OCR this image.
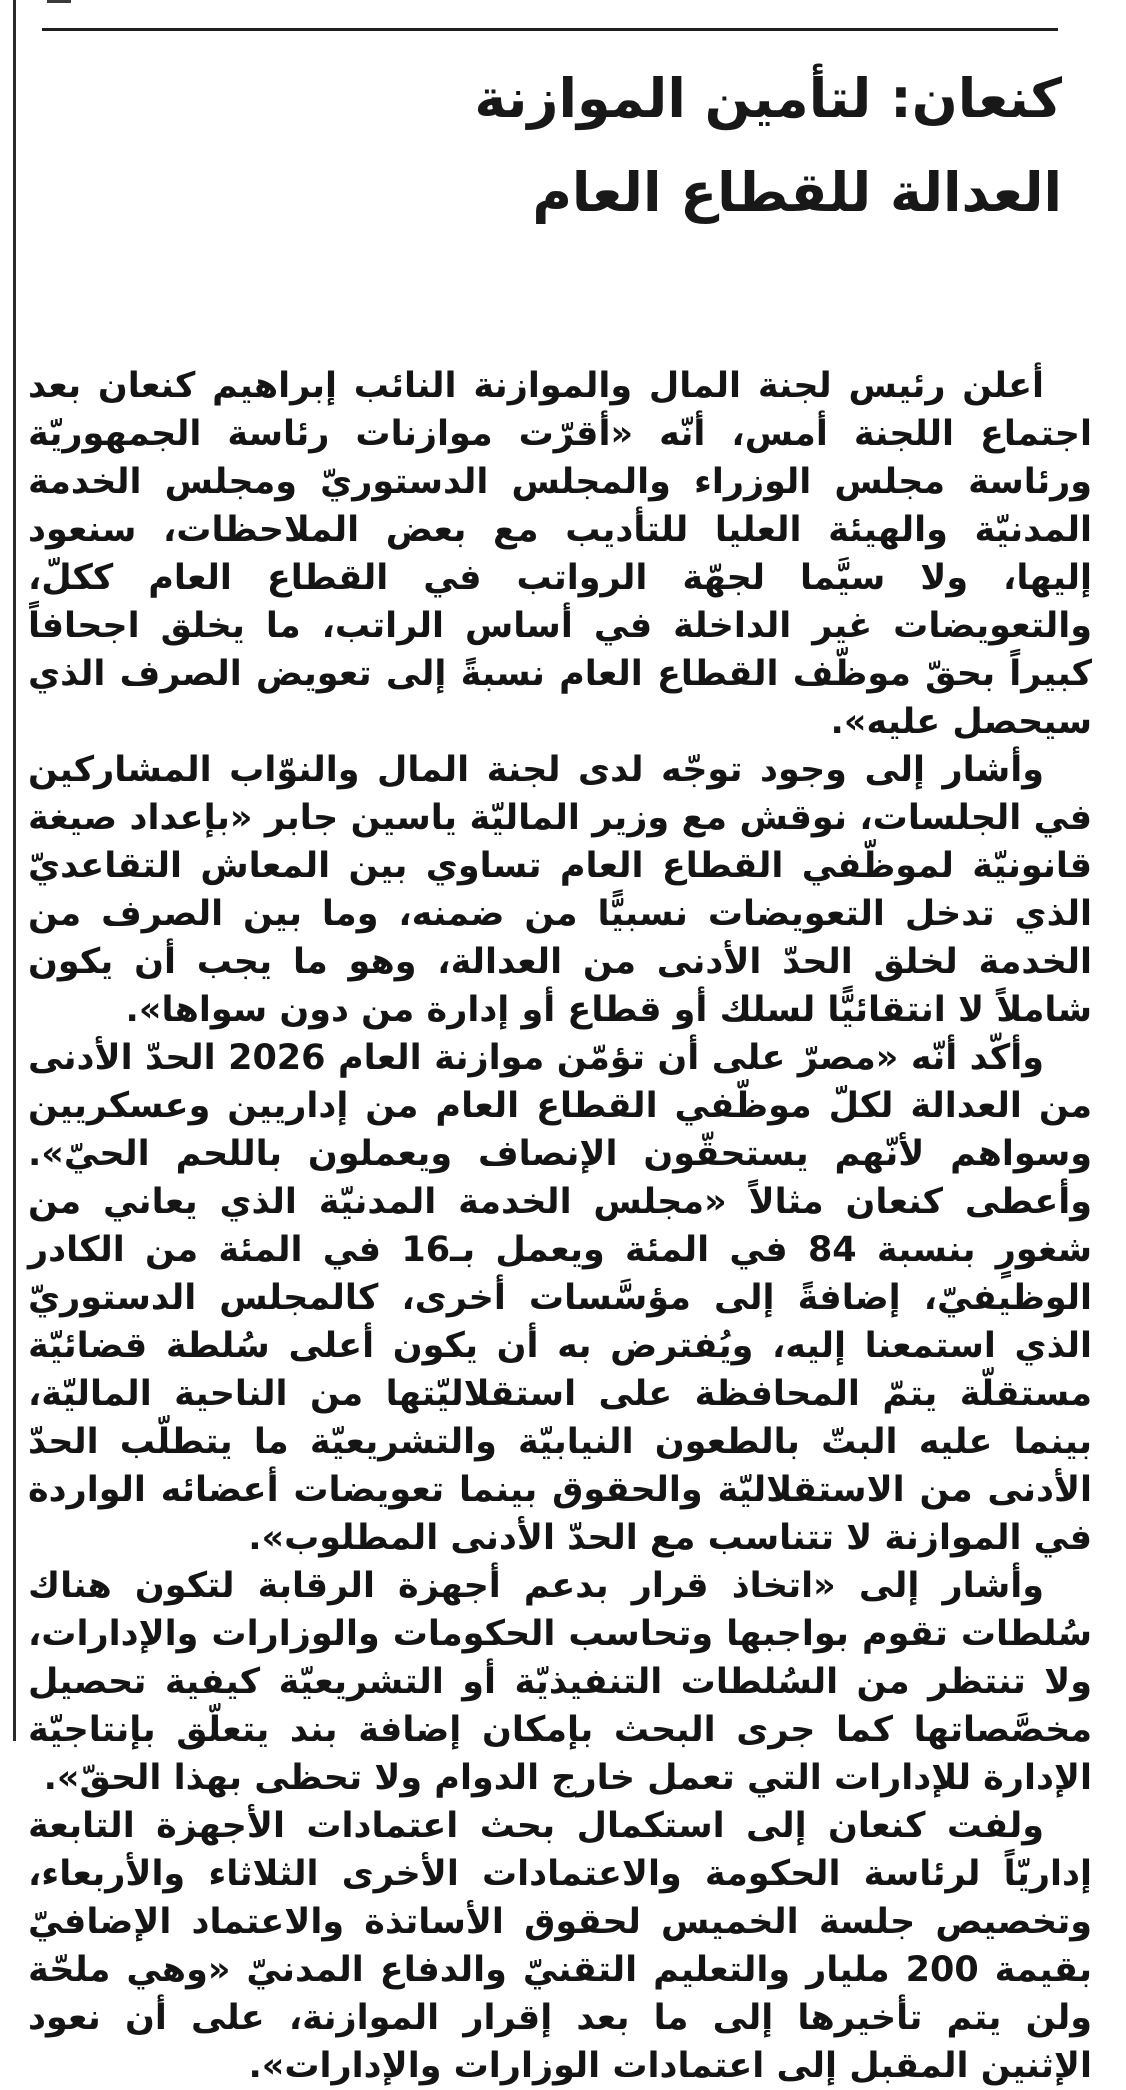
كنعان: لتأمين الموازنة
العدالة للقطاع العام

أعلن رئيس لجنة المال والموازنة النائب إبراهيم كنعان بعد اجتماع اللجنة أمس، أنّه «أقرّت موازنات رئاسة الجمهوريّة ورئاسة مجلس الوزراء والمجلس الدستوريّ ومجلس الخدمة المدنيّة والهيئة العليا للتأديب مع بعض الملاحظات، سنعود إليها، ولا سيَّما لجهّة الرواتب في القطاع العام ككلّ، والتعويضات غير الداخلة في أساس الراتب، ما يخلق اجحافاً كبيراً بحقّ موظّف القطاع العام نسبةً إلى تعويض الصرف الذي سيحصل عليه».

وأشار إلى وجود توجّه لدى لجنة المال والنوّاب المشاركين في الجلسات، نوقش مع وزير الماليّة ياسين جابر «بإعداد صيغة قانونيّة لموظّفي القطاع العام تساوي بين المعاش التقاعديّ الذي تدخل التعويضات نسبيًّا من ضمنه، وما بين الصرف من الخدمة لخلق الحدّ الأدنى من العدالة، وهو ما يجب أن يكون شاملاً لا انتقائيًّا لسلك أو قطاع أو إدارة من دون سواها».

وأكّد أنّه «مصرّ على أن تؤمّن موازنة العام 2026 الحدّ الأدنى من العدالة لكلّ موظّفي القطاع العام من إداريين وعسكريين وسواهم لأنّهم يستحقّون الإنصاف ويعملون باللحم الحيّ». وأعطى كنعان مثالاً «مجلس الخدمة المدنيّة الذي يعاني من شغورٍ بنسبة 84 في المئة ويعمل بـ16 في المئة من الكادر الوظيفيّ، إضافةً إلى مؤسَّسات أخرى، كالمجلس الدستوريّ الذي استمعنا إليه، ويُفترض به أن يكون أعلى سُلطة قضائيّة مستقلّة يتمّ المحافظة على استقلاليّتها من الناحية الماليّة، بينما عليه البتّ بالطعون النيابيّة والتشريعيّة ما يتطلّب الحدّ الأدنى من الاستقلاليّة والحقوق بينما تعويضات أعضائه الواردة في الموازنة لا تتناسب مع الحدّ الأدنى المطلوب».

وأشار إلى «اتخاذ قرار بدعم أجهزة الرقابة لتكون هناك سُلطات تقوم بواجبها وتحاسب الحكومات والوزارات والإدارات، ولا تنتظر من السُلطات التنفيذيّة أو التشريعيّة كيفية تحصيل مخصَّصاتها كما جرى البحث بإمكان إضافة بند يتعلّق بإنتاجيّة الإدارة للإدارات التي تعمل خارج الدوام ولا تحظى بهذا الحقّ».

ولفت كنعان إلى استكمال بحث اعتمادات الأجهزة التابعة إداريّاً لرئاسة الحكومة والاعتمادات الأخرى الثلاثاء والأربعاء، وتخصيص جلسة الخميس لحقوق الأساتذة والاعتماد الإضافيّ بقيمة 200 مليار والتعليم التقنيّ والدفاع المدنيّ «وهي ملحّة ولن يتم تأخيرها إلى ما بعد إقرار الموازنة، على أن نعود الإثنين المقبل إلى اعتمادات الوزارات والإدارات».
